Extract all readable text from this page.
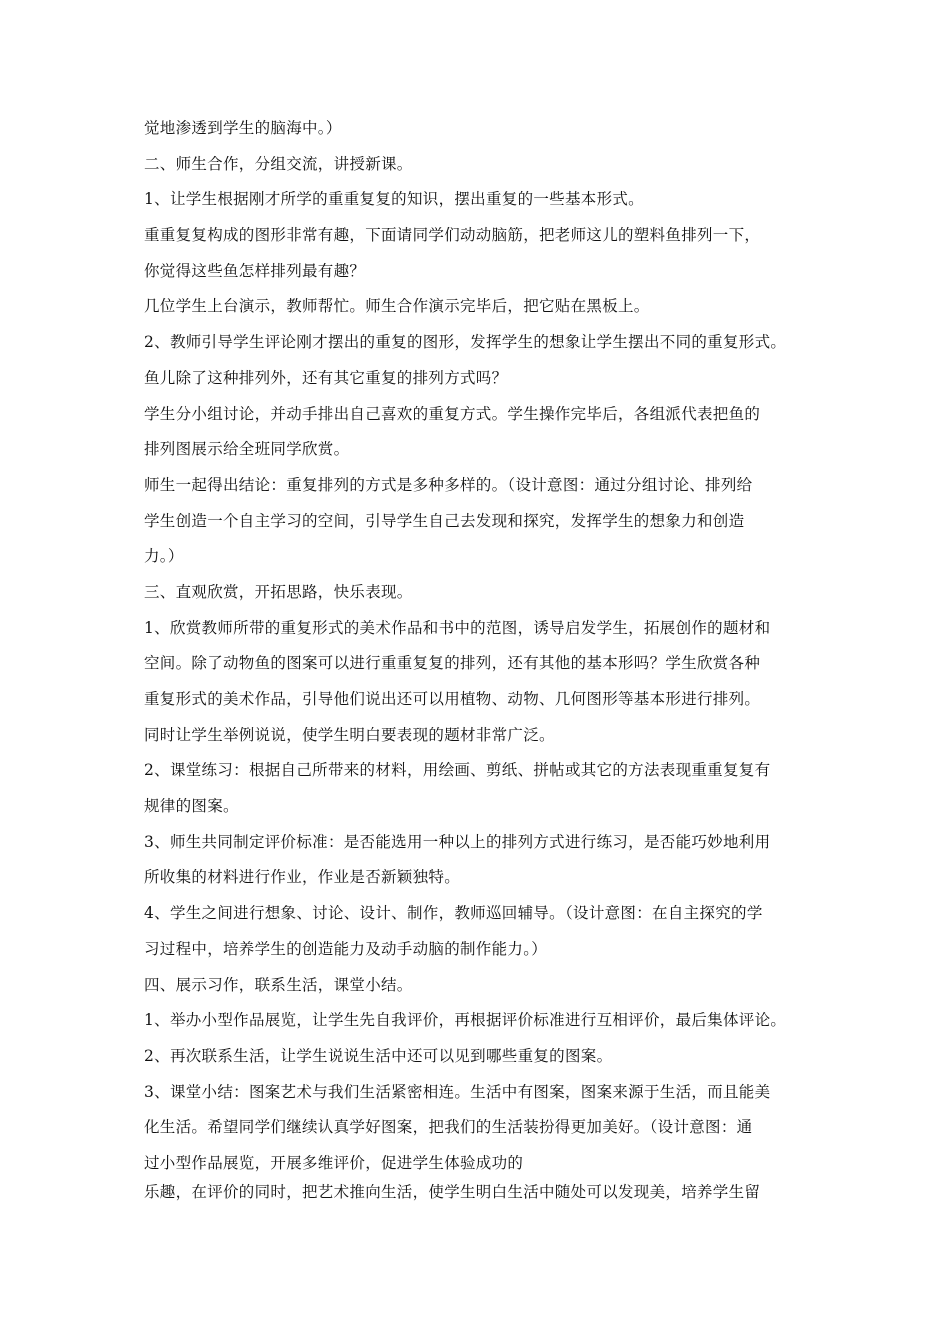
觉地渗透到学生的脑海中。）
二、师生合作，分组交流，讲授新课。
1、让学生根据刚才所学的重重复复的知识，摆出重复的一些基本形式。
重重复复构成的图形非常有趣，下面请同学们动动脑筋，把老师这儿的塑料鱼排列一下，
你觉得这些鱼怎样排列最有趣？
几位学生上台演示，教师帮忙。师生合作演示完毕后，把它贴在黑板上。
2、教师引导学生评论刚才摆出的重复的图形，发挥学生的想象让学生摆出不同的重复形式。
鱼儿除了这种排列外，还有其它重复的排列方式吗？
学生分小组讨论，并动手排出自己喜欢的重复方式。学生操作完毕后，各组派代表把鱼的
排列图展示给全班同学欣赏。
师生一起得出结论：重复排列的方式是多种多样的。（设计意图：通过分组讨论、排列给
学生创造一个自主学习的空间，引导学生自己去发现和探究，发挥学生的想象力和创造
力。）
三、直观欣赏，开拓思路，快乐表现。
1、欣赏教师所带的重复形式的美术作品和书中的范图，诱导启发学生，拓展创作的题材和
空间。除了动物鱼的图案可以进行重重复复的排列，还有其他的基本形吗？学生欣赏各种
重复形式的美术作品，引导他们说出还可以用植物、动物、几何图形等基本形进行排列。
同时让学生举例说说，使学生明白要表现的题材非常广泛。
2、课堂练习：根据自己所带来的材料，用绘画、剪纸、拼帖或其它的方法表现重重复复有
规律的图案。
3、师生共同制定评价标准：是否能选用一种以上的排列方式进行练习，是否能巧妙地利用
所收集的材料进行作业，作业是否新颖独特。
4、学生之间进行想象、讨论、设计、制作，教师巡回辅导。（设计意图：在自主探究的学
习过程中，培养学生的创造能力及动手动脑的制作能力。）
四、展示习作，联系生活，课堂小结。
1、举办小型作品展览，让学生先自我评价，再根据评价标准进行互相评价，最后集体评论。
2、再次联系生活，让学生说说生活中还可以见到哪些重复的图案。
3、课堂小结：图案艺术与我们生活紧密相连。生活中有图案，图案来源于生活，而且能美
化生活。希望同学们继续认真学好图案，把我们的生活装扮得更加美好。（设计意图：通
过小型作品展览，开展多维评价，促进学生体验成功的
乐趣，在评价的同时，把艺术推向生活，使学生明白生活中随处可以发现美，培养学生留
